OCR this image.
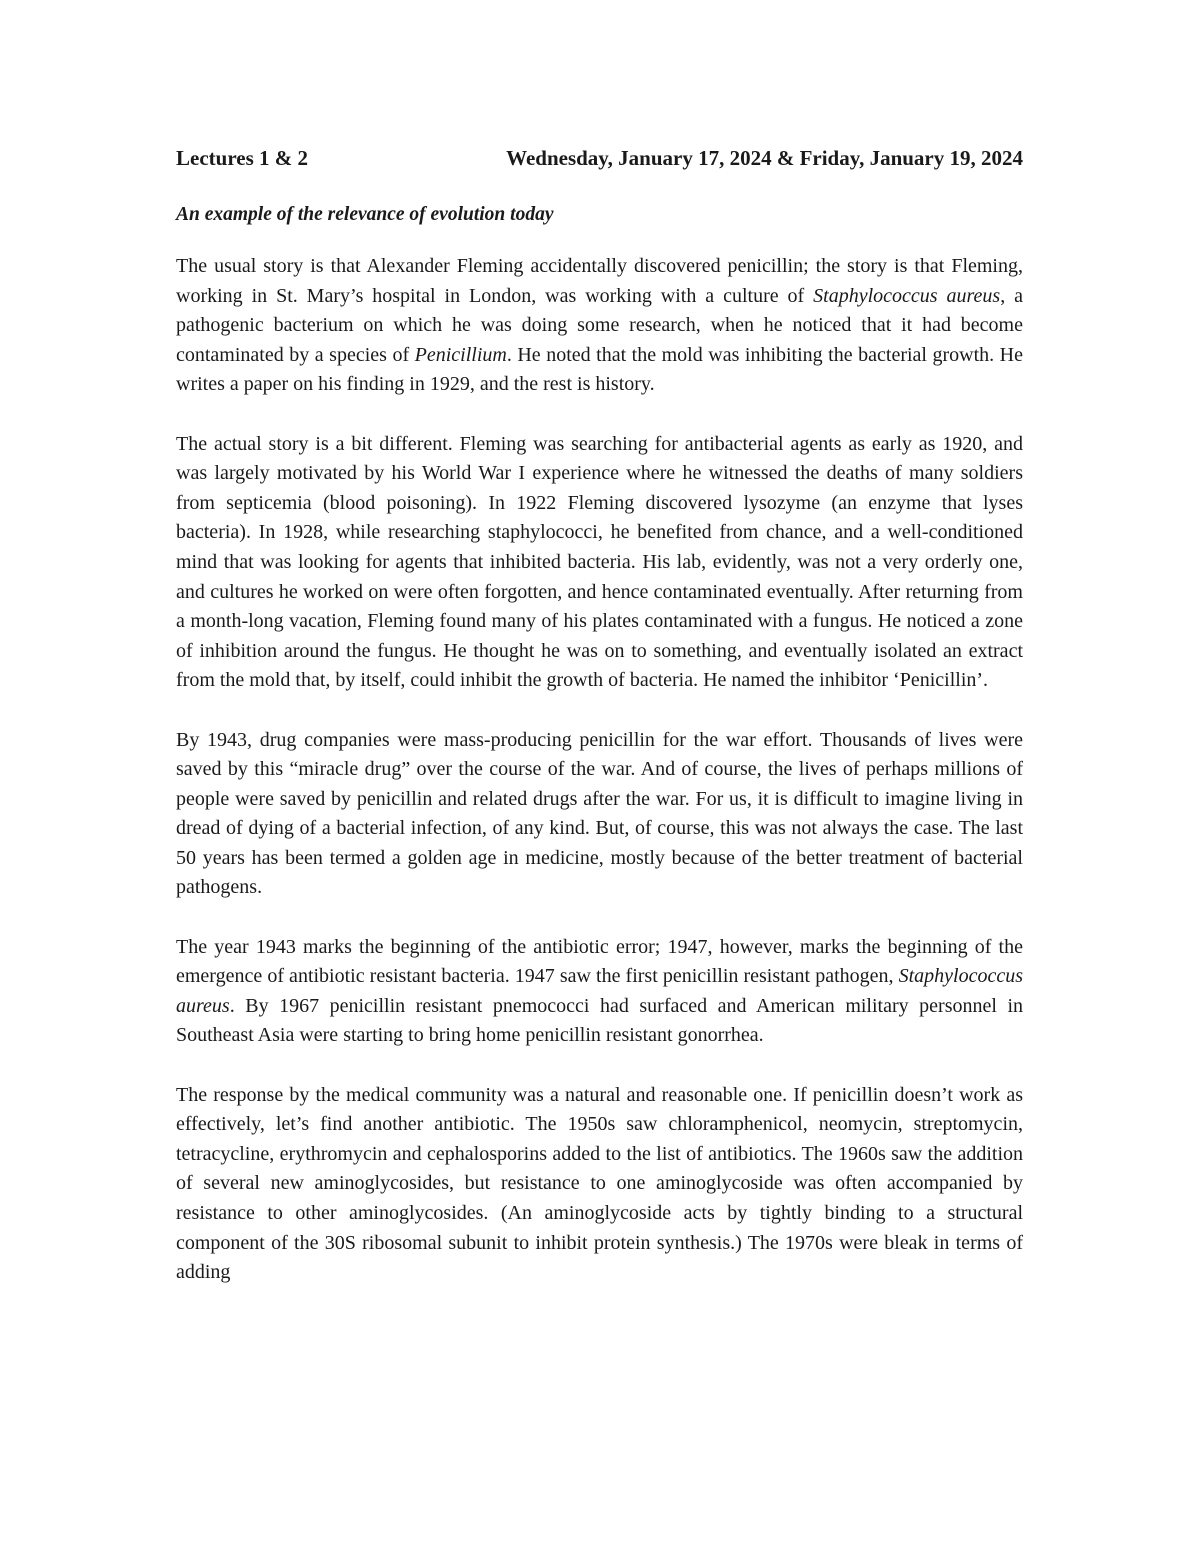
Lectures 1 & 2	Wednesday, January 17, 2024 & Friday, January 19, 2024
An example of the relevance of evolution today

The usual story is that Alexander Fleming accidentally discovered penicillin; the story is that Fleming, working in St. Mary’s hospital in London, was working with a culture of Staphylococcus aureus, a pathogenic bacterium on which he was doing some research, when he noticed that it had become contaminated by a species of Penicillium. He noted that the mold was inhibiting the bacterial growth. He writes a paper on his finding in 1929, and the rest is history.

The actual story is a bit different. Fleming was searching for antibacterial agents as early as 1920, and was largely motivated by his World War I experience where he witnessed the deaths of many soldiers from septicemia (blood poisoning). In 1922 Fleming discovered lysozyme (an enzyme that lyses bacteria). In 1928, while researching staphylococci, he benefited from chance, and a well-conditioned mind that was looking for agents that inhibited bacteria. His lab, evidently, was not a very orderly one, and cultures he worked on were often forgotten, and hence contaminated eventually. After returning from a month-long vacation, Fleming found many of his plates contaminated with a fungus. He noticed a zone of inhibition around the fungus. He thought he was on to something, and eventually isolated an extract from the mold that, by itself, could inhibit the growth of bacteria. He named the inhibitor ‘Penicillin’.

By 1943, drug companies were mass-producing penicillin for the war effort. Thousands of lives were saved by this “miracle drug” over the course of the war. And of course, the lives of perhaps millions of people were saved by penicillin and related drugs after the war. For us, it is difficult to imagine living in dread of dying of a bacterial infection, of any kind. But, of course, this was not always the case. The last 50 years has been termed a golden age in medicine, mostly because of the better treatment of bacterial pathogens.

The year 1943 marks the beginning of the antibiotic error; 1947, however, marks the beginning of the emergence of antibiotic resistant bacteria. 1947 saw the first penicillin resistant pathogen, Staphylococcus aureus. By 1967 penicillin resistant pnemococci had surfaced and American military personnel in Southeast Asia were starting to bring home penicillin resistant gonorrhea.

The response by the medical community was a natural and reasonable one. If penicillin doesn’t work as effectively, let’s find another antibiotic. The 1950s saw chloramphenicol, neomycin, streptomycin, tetracycline, erythromycin and cephalosporins added to the list of antibiotics. The 1960s saw the addition of several new aminoglycosides, but resistance to one aminoglycoside was often accompanied by resistance to other aminoglycosides. (An aminoglycoside acts by tightly binding to a structural component of the 30S ribosomal subunit to inhibit protein synthesis.) The 1970s were bleak in terms of adding
